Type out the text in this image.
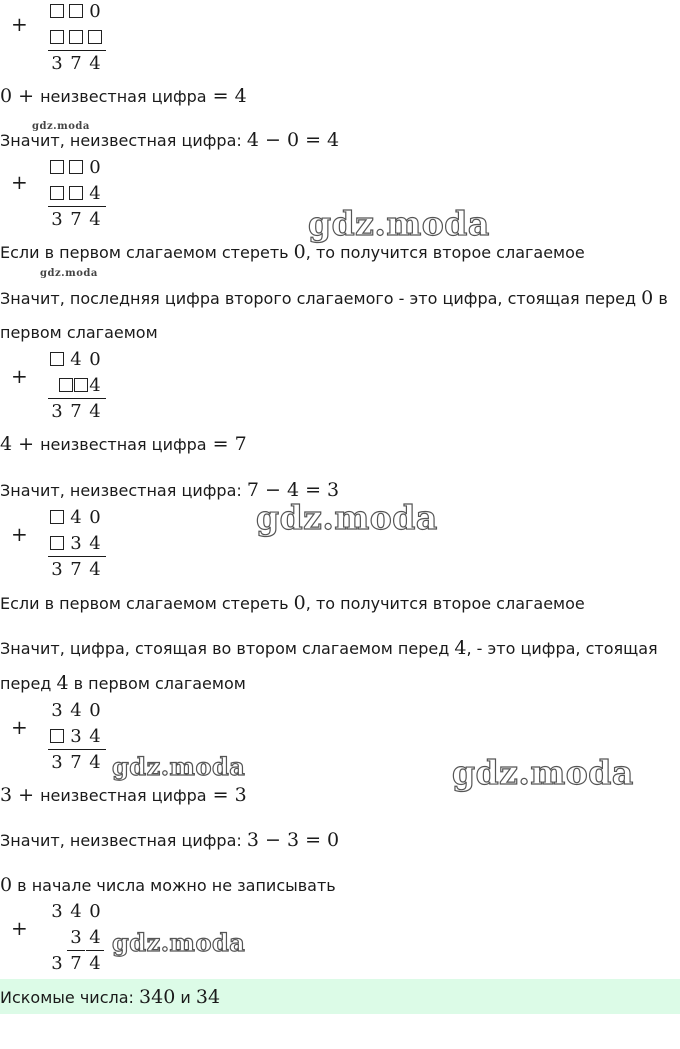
+
0
3 7 4
0 + неизвестная цифра = 4
gdz.moda
Значит, неизвестная цифра: 4 − 0 = 4
+
0
4
3 7 4	gdz.moda
Если в первом слагаемом стереть 0, то получится второе слагаемое
gdz.moda
Значит, последняя цифра второго слагаемого - это цифра, стоящая перед 0 в
первом слагаемом
+
4 0
4
3 7 4
4 + неизвестная цифра = 7
Значит, неизвестная цифра: 7 − 4 = 3
+
4 0
3 4
3 7 4
gdz.moda
Если в первом слагаемом стереть 0, то получится второе слагаемое
Значит, цифра, стоящая во втором слагаемом перед 4, - это цифра, стоящая
перед 4 в первом слагаемом
+
3 4 0
3 4
3 7 4 gdz.moda	gdz.moda
3 + неизвестная цифра = 3
Значит, неизвестная цифра: 3 − 3 = 0
0 в начале числа можно не записывать
+
3 4 0
3 4
3 7 4
gdz.moda
Искомые числа: 340 и 34
